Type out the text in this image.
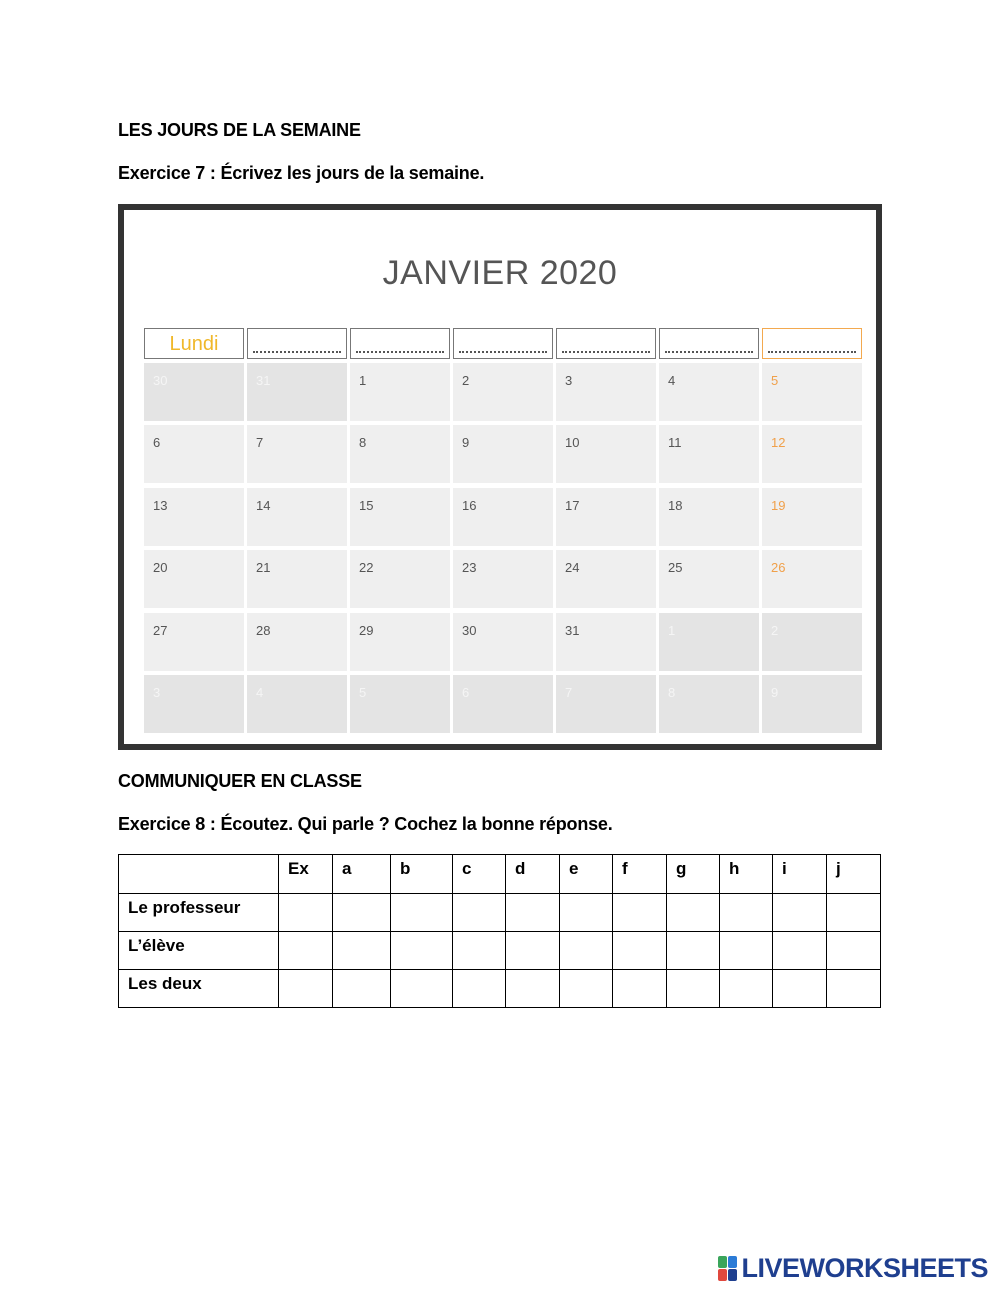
LES JOURS DE LA SEMAINE
Exercice 7 : Écrivez les jours de la semaine.
JANVIER 2020
Lundi
30	31	1	2	3	4	5
6	7	8	9	10	11	12
13	14	15	16	17	18	19
20	21	22	23	24	25	26
27	28	29	30	31	1	2
3	4	5	6	7	8	9
COMMUNIQUER EN CLASSE
Exercice 8 : Écoutez. Qui parle ? Cochez la bonne réponse.
	Ex	a	b	c	d	e	f	g	h	i	j
Le professeur											
L’élève											
Les deux											
LIVEWORKSHEETS
